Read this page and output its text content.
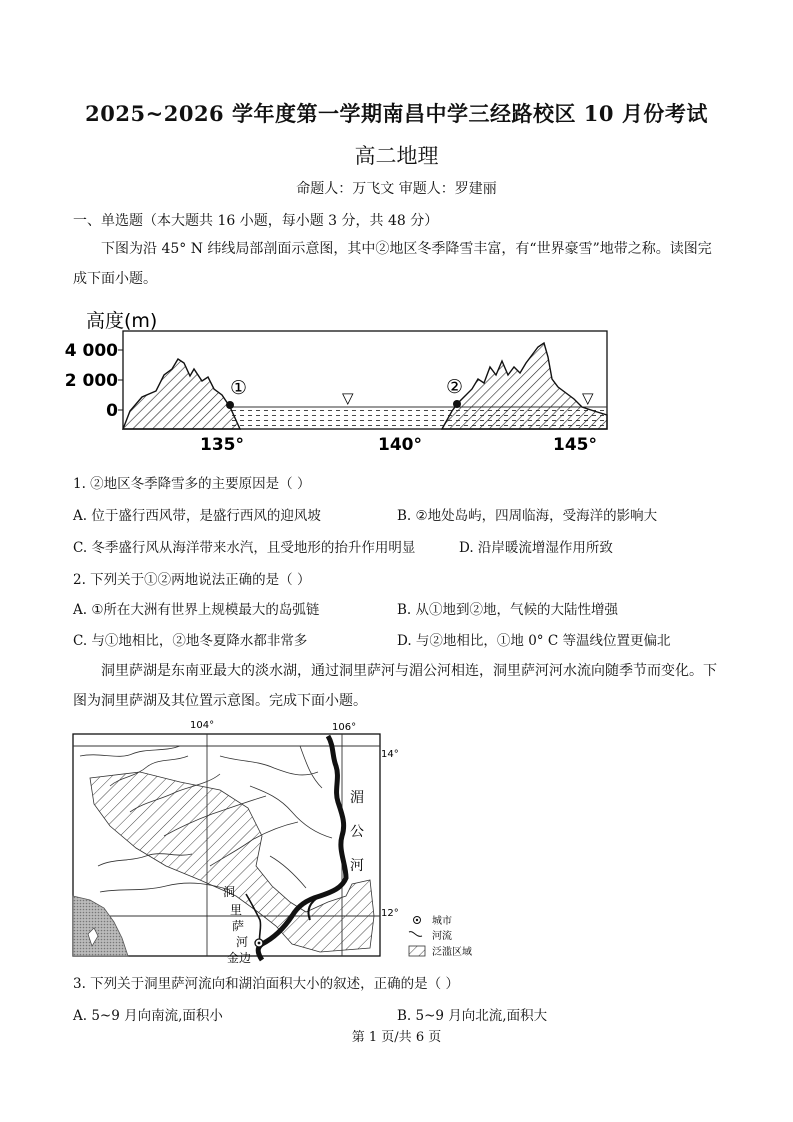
2025~2026 学年度第一学期南昌中学三经路校区 10 月份考试
高二地理
命题人：万飞文 审题人：罗建丽
一、单选题（本大题共 16 小题，每小题 3 分，共 48 分）
下图为沿 45° N 纬线局部剖面示意图，其中②地区冬季降雪丰富，有“世界豪雪”地带之称。读图完成下面小题。
高度(m)
4 000
2 000
0
①	②
▽	▽
135°	140°	145°
1. ②地区冬季降雪多的主要原因是（ ）
A. 位于盛行西风带，是盛行西风的迎风坡	B. ②地处岛屿，四周临海，受海洋的影响大
C. 冬季盛行风从海洋带来水汽，且受地形的抬升作用明显	D. 沿岸暖流增湿作用所致
2. 下列关于①②两地说法正确的是（ ）
A. ①所在大洲有世界上规模最大的岛弧链	B. 从①地到②地，气候的大陆性增强
C. 与①地相比，②地冬夏降水都非常多	D. 与②地相比，①地 0° C 等温线位置更偏北
洞里萨湖是东南亚最大的淡水湖，通过洞里萨河与湄公河相连，洞里萨河河水流向随季节而变化。下图为洞里萨湖及其位置示意图。完成下面小题。
104°	106°
14°
12°
湄
公
河
洞
里
萨
河
金边
城市
河流
泛滥区域
3. 下列关于洞里萨河流向和湖泊面积大小的叙述，正确的是（ ）
A. 5~9 月向南流,面积小	B. 5~9 月向北流,面积大
第 1 页/共 6 页
